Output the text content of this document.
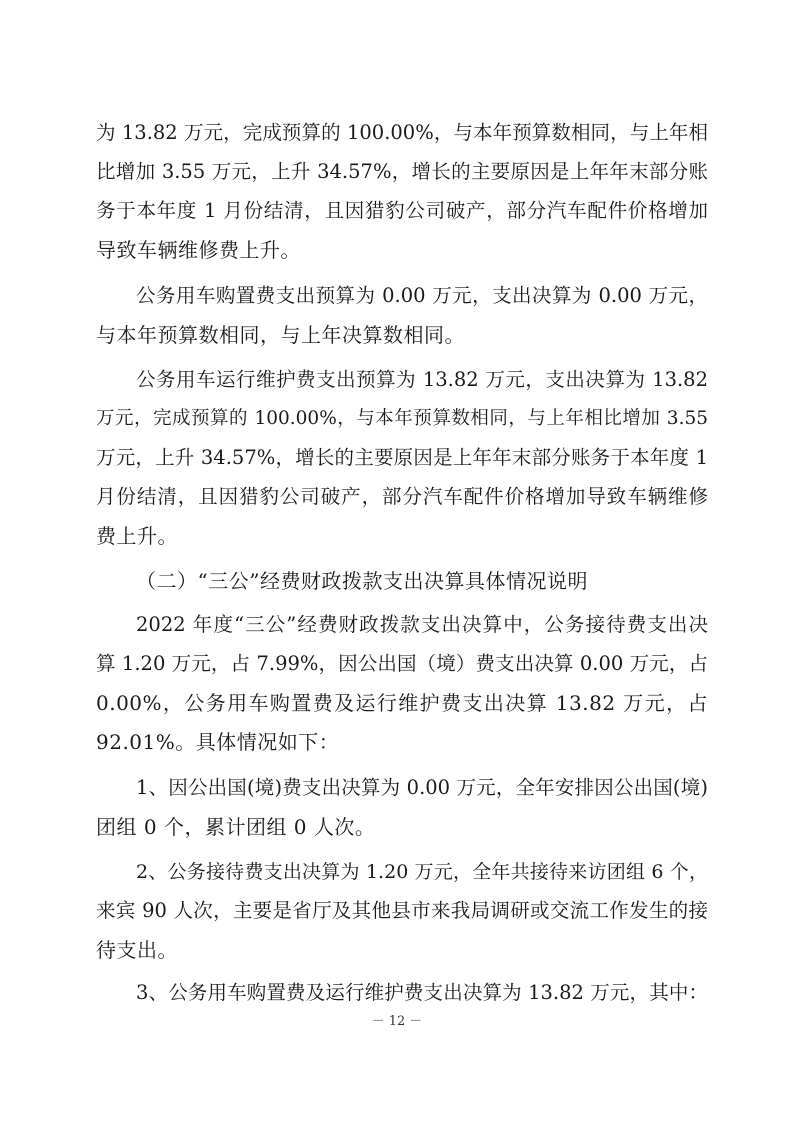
为 13.82 万元，完成预算的 100.00%，与本年预算数相同，与上年相
比增加 3.55 万元，上升 34.57%，增长的主要原因是上年年末部分账
务于本年度 1 月份结清，且因猎豹公司破产，部分汽车配件价格增加
导致车辆维修费上升。
公务用车购置费支出预算为 0.00 万元，支出决算为 0.00 万元，
与本年预算数相同，与上年决算数相同。
公务用车运行维护费支出预算为 13.82 万元，支出决算为 13.82
万元，完成预算的 100.00%，与本年预算数相同，与上年相比增加 3.55
万元，上升 34.57%，增长的主要原因是上年年末部分账务于本年度 1
月份结清，且因猎豹公司破产，部分汽车配件价格增加导致车辆维修
费上升。
（二）“三公”经费财政拨款支出决算具体情况说明
2022 年度“三公”经费财政拨款支出决算中，公务接待费支出决
算 1.20 万元，占 7.99%，因公出国（境）费支出决算 0.00 万元，占
0.00%，公务用车购置费及运行维护费支出决算 13.82 万元，占
92.01%。具体情况如下：
1、因公出国(境)费支出决算为 0.00 万元，全年安排因公出国(境)
团组 0 个，累计团组 0 人次。
2、公务接待费支出决算为 1.20 万元，全年共接待来访团组 6 个，
来宾 90 人次，主要是省厅及其他县市来我局调研或交流工作发生的接
待支出。
3、公务用车购置费及运行维护费支出决算为 13.82 万元，其中：
－ 12 －
